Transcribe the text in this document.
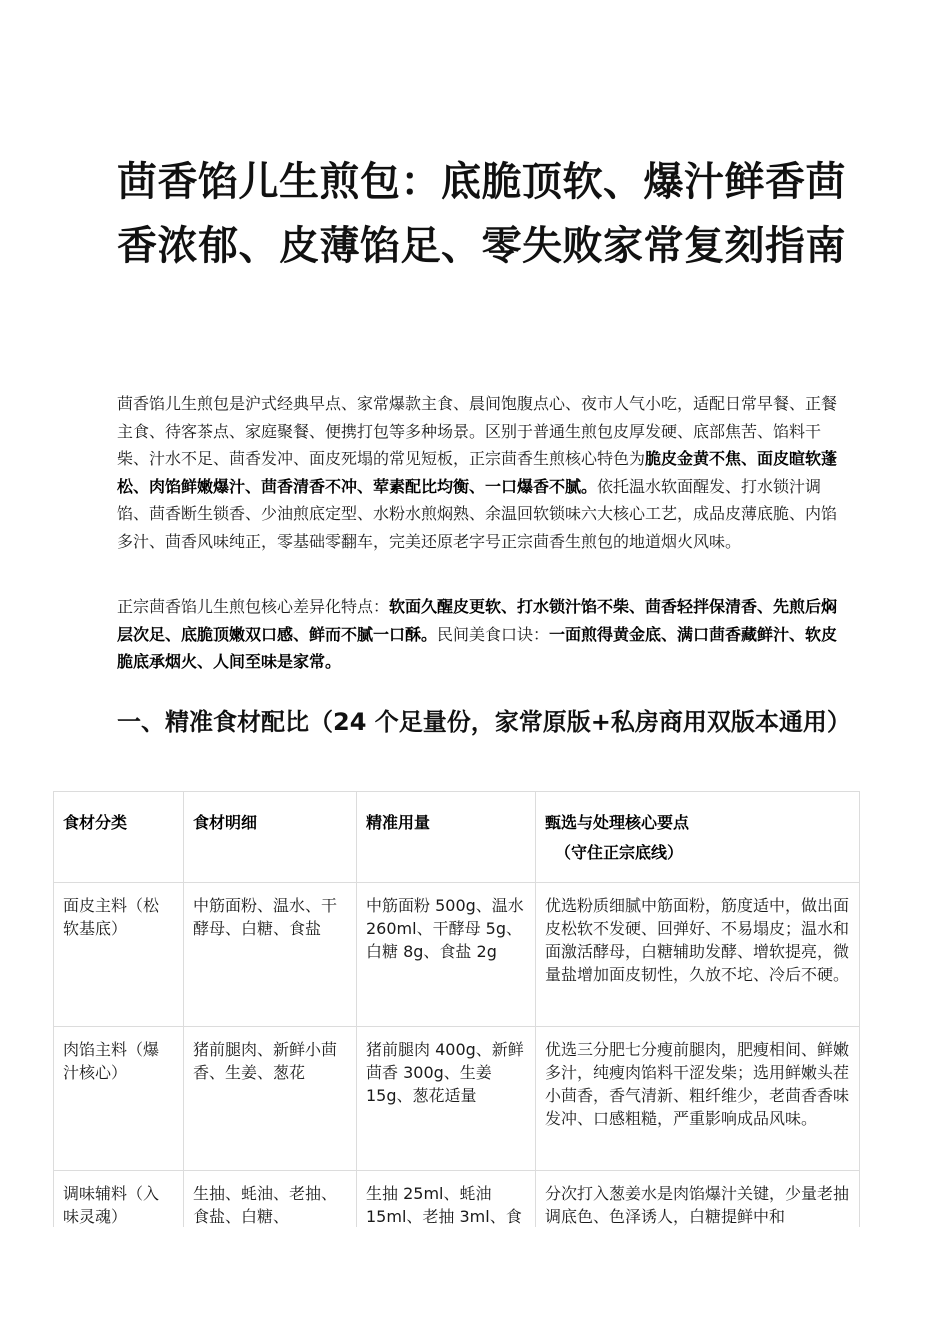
茴香馅儿生煎包：底脆顶软、爆汁鲜香茴香浓郁、皮薄馅足、零失败家常复刻指南

茴香馅儿生煎包是沪式经典早点、家常爆款主食、晨间饱腹点心、夜市人气小吃，适配日常早餐、正餐主食、待客茶点、家庭聚餐、便携打包等多种场景。区别于普通生煎包皮厚发硬、底部焦苦、馅料干柴、汁水不足、茴香发冲、面皮死塌的常见短板，正宗茴香生煎核心特色为脆皮金黄不焦、面皮暄软蓬松、肉馅鲜嫩爆汁、茴香清香不冲、荤素配比均衡、一口爆香不腻。依托温水软面醒发、打水锁汁调馅、茴香断生锁香、少油煎底定型、水粉水煎焖熟、余温回软锁味六大核心工艺，成品皮薄底脆、内馅多汁、茴香风味纯正，零基础零翻车，完美还原老字号正宗茴香生煎包的地道烟火风味。

正宗茴香馅儿生煎包核心差异化特点：软面久醒皮更软、打水锁汁馅不柴、茴香轻拌保清香、先煎后焖层次足、底脆顶嫩双口感、鲜而不腻一口酥。民间美食口诀：一面煎得黄金底、满口茴香藏鲜汁、软皮脆底承烟火、人间至味是家常。

一、精准食材配比（24 个足量份，家常原版+私房商用双版本通用）
食材分类	食材明细	精准用量	甄选与处理核心要点
（守住正宗底线）

面皮主料（松软基底）	中筋面粉、温水、干酵母、白糖、食盐	中筋面粉 500g、温水 260ml、干酵母 5g、白糖 8g、食盐 2g	优选粉质细腻中筋面粉，筋度适中，做出面皮松软不发硬、回弹好、不易塌皮；温水和面激活酵母，白糖辅助发酵、增软提亮，微量盐增加面皮韧性，久放不坨、冷后不硬。
肉馅主料（爆汁核心）	猪前腿肉、新鲜小茴香、生姜、葱花	猪前腿肉 400g、新鲜茴香 300g、生姜 15g、葱花适量	优选三分肥七分瘦前腿肉，肥瘦相间、鲜嫩多汁，纯瘦肉馅料干涩发柴；选用鲜嫩头茬小茴香，香气清新、粗纤维少，老茴香香味发冲、口感粗糙，严重影响成品风味。
调味辅料（入味灵魂）	生抽、蚝油、老抽、食盐、白糖、	生抽 25ml、蚝油 15ml、老抽 3ml、食	分次打入葱姜水是肉馅爆汁关键，少量老抽调底色、色泽诱人，白糖提鲜中和
